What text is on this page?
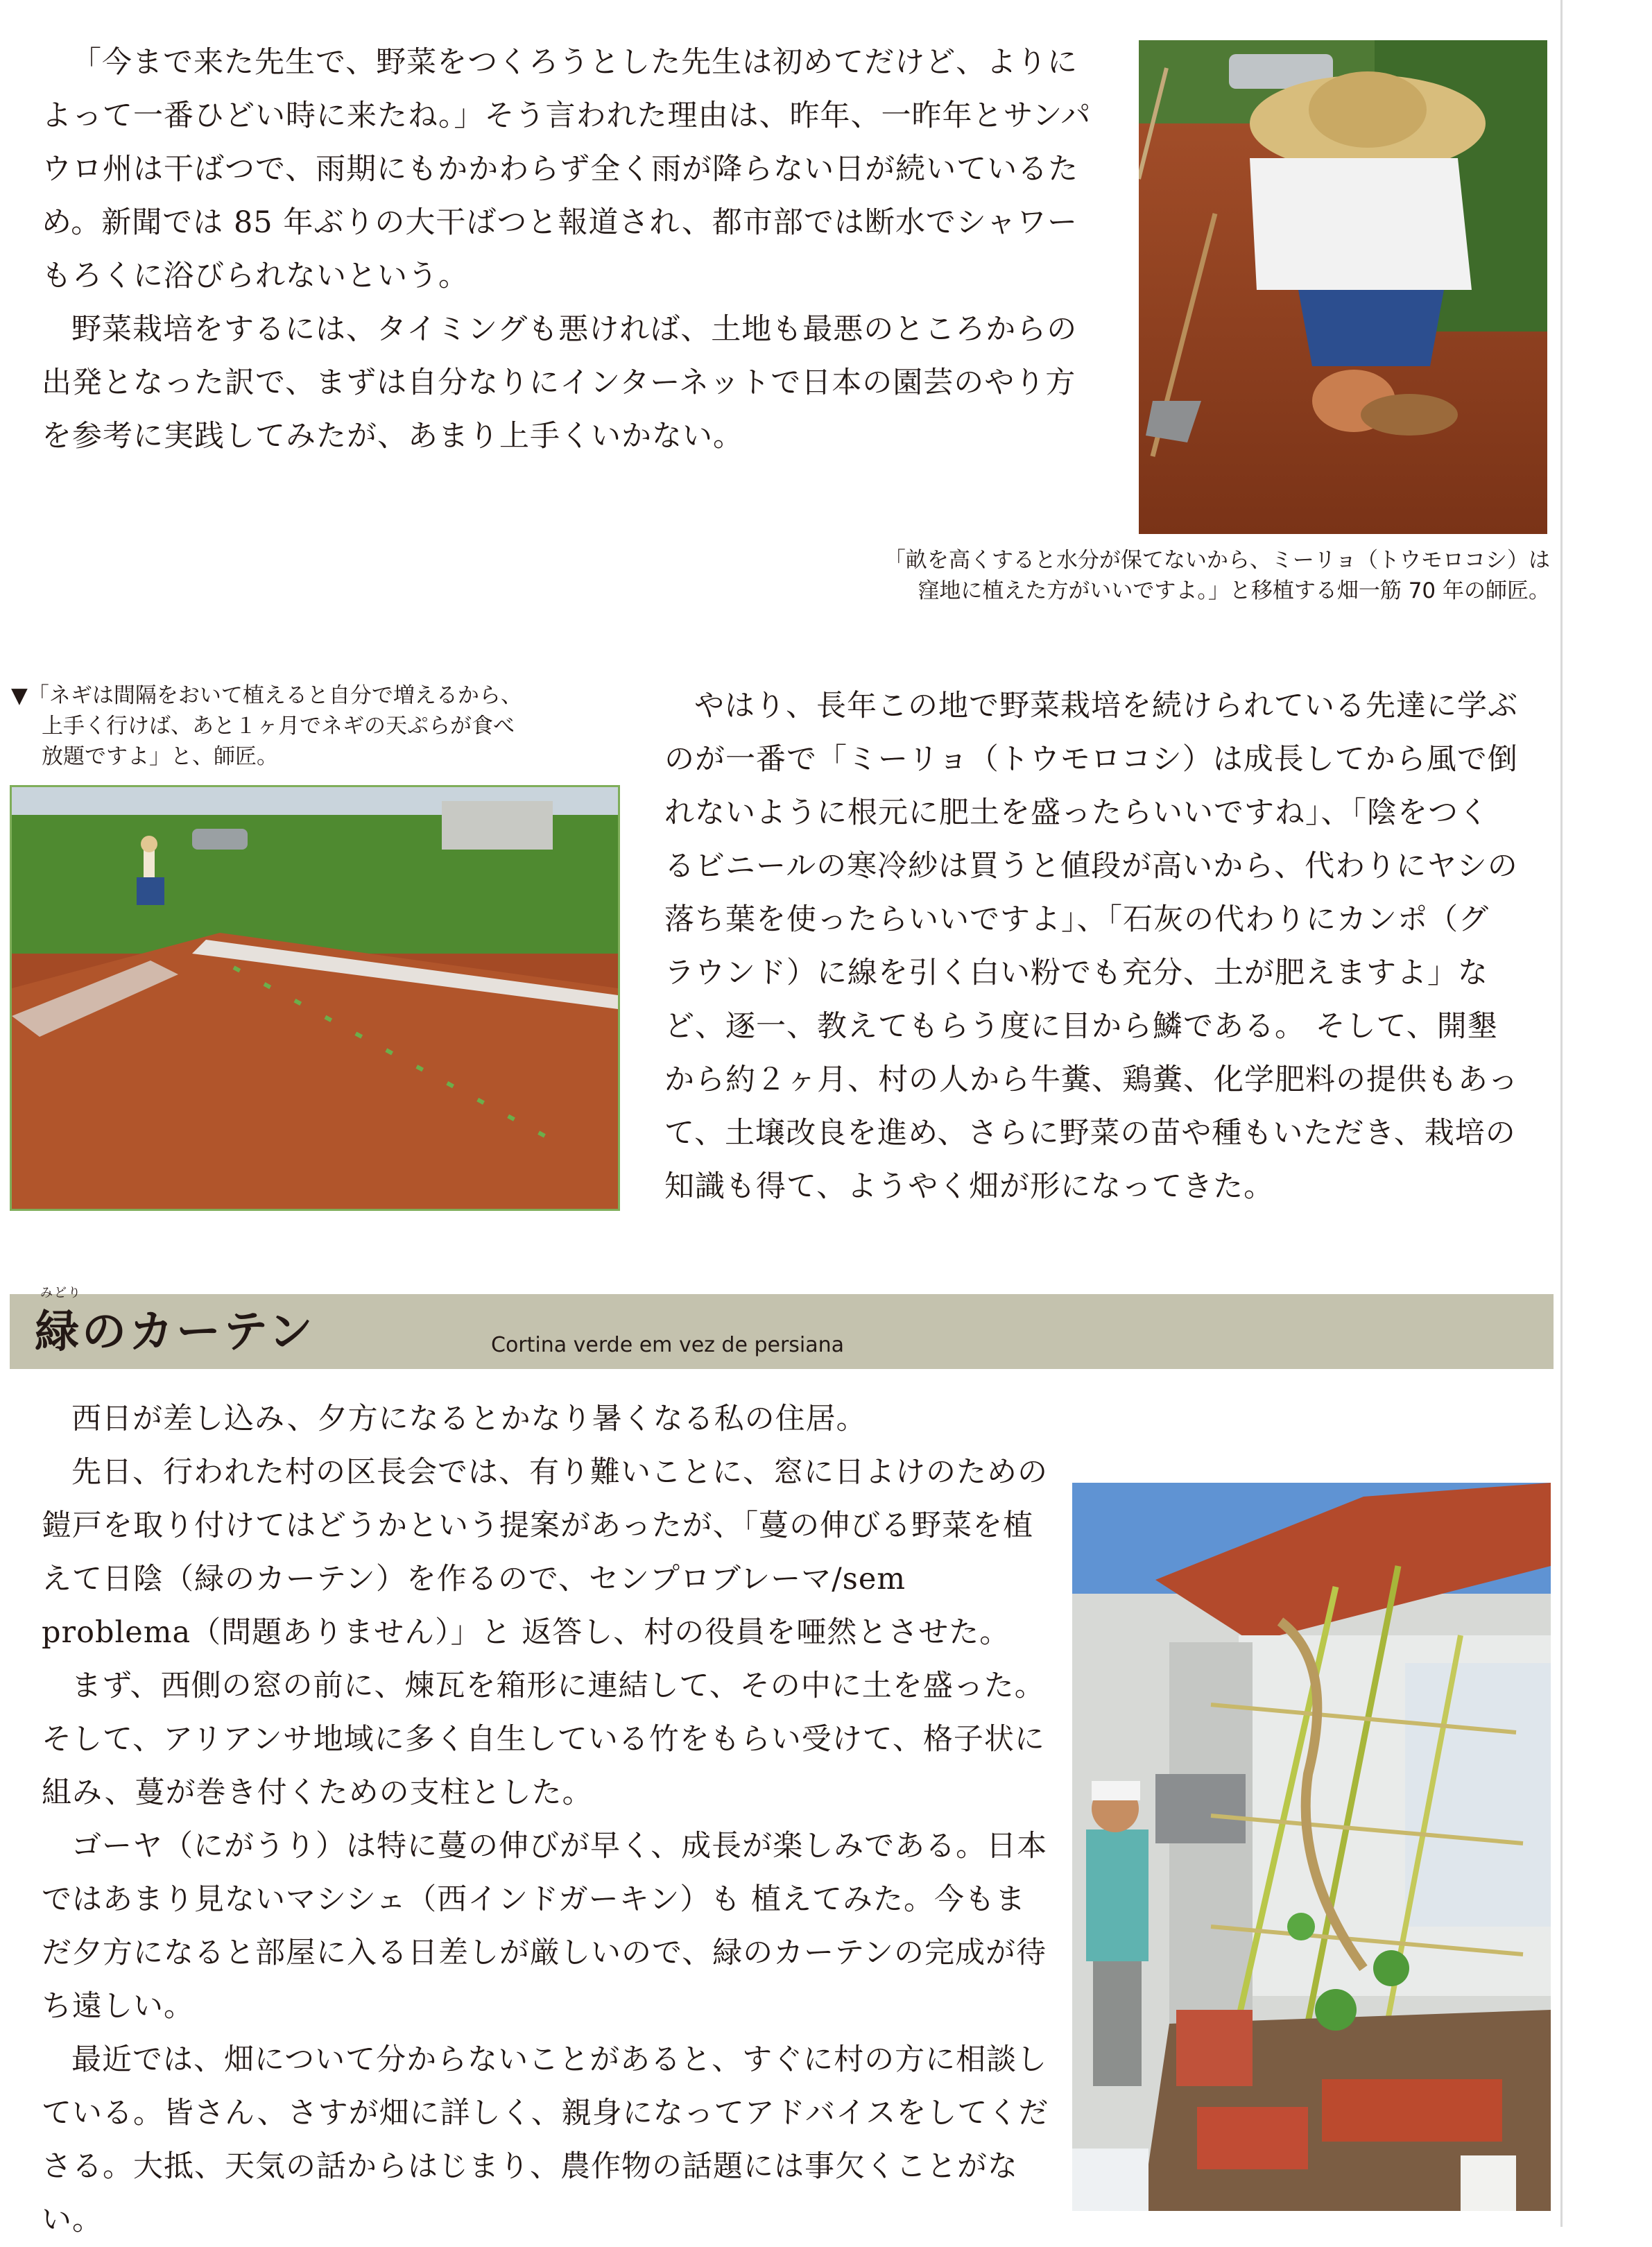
「今まで来た先生で、野菜をつくろうとした先生は初めてだけど、よりによって一番ひどい時に来たね。」そう言われた理由は、昨年、一昨年とサンパウロ州は干ばつで、雨期にもかかわらず全く雨が降らない日が続いているため。新聞では 85 年ぶりの大干ばつと報道され、都市部では断水でシャワーもろくに浴びられないという。

野菜栽培をするには、タイミングも悪ければ、土地も最悪のところからの出発となった訳で、まずは自分なりにインターネットで日本の園芸のやり方を参考に実践してみたが、あまり上手くいかない。

「畝を高くすると水分が保てないから、ミーリョ（トウモロコシ）は

窪地に植えた方がいいですよ。」と移植する畑一筋 70 年の師匠。

▼「ネギは間隔をおいて植えると自分で増えるから、

上手く行けば、あと１ヶ月でネギの天ぷらが食べ

放題ですよ」と、師匠。

やはり、長年この地で野菜栽培を続けられている先達に学ぶのが一番で「ミーリョ（トウモロコシ）は成長してから風で倒れないように根元に肥土を盛ったらいいですね」、「陰をつくるビニールの寒冷紗は買うと値段が高いから、代わりにヤシの落ち葉を使ったらいいですよ」、「石灰の代わりにカンポ（グラウンド）に線を引く白い粉でも充分、土が肥えますよ」など、逐一、教えてもらう度に目から鱗である。 そして、開墾から約２ヶ月、村の人から牛糞、鶏糞、化学肥料の提供もあって、土壌改良を進め、さらに野菜の苗や種もいただき、栽培の知識も得て、ようやく畑が形になってきた。

みどり
緑のカーテン	Cortina verde em vez de persiana

西日が差し込み、夕方になるとかなり暑くなる私の住居。

先日、行われた村の区長会では、有り難いことに、窓に日よけのための鎧戸を取り付けてはどうかという提案があったが、「蔓の伸びる野菜を植えて日陰（緑のカーテン）を作るので、センプロブレーマ/sem problema（問題ありません）」と 返答し、村の役員を唖然とさせた。

まず、西側の窓の前に、煉瓦を箱形に連結して、その中に土を盛った。そして、アリアンサ地域に多く自生している竹をもらい受けて、格子状に組み、蔓が巻き付くための支柱とした。

ゴーヤ（にがうり）は特に蔓の伸びが早く、成長が楽しみである。日本ではあまり見ないマシシェ（西インドガーキン）も 植えてみた。今もまだ夕方になると部屋に入る日差しが厳しいので、緑のカーテンの完成が待ち遠しい。

最近では、畑について分からないことがあると、すぐに村の方に相談している。皆さん、さすが畑に詳しく、親身になってアドバイスをしてくださる。大抵、天気の話からはじまり、農作物の話題には事欠くことがない。
